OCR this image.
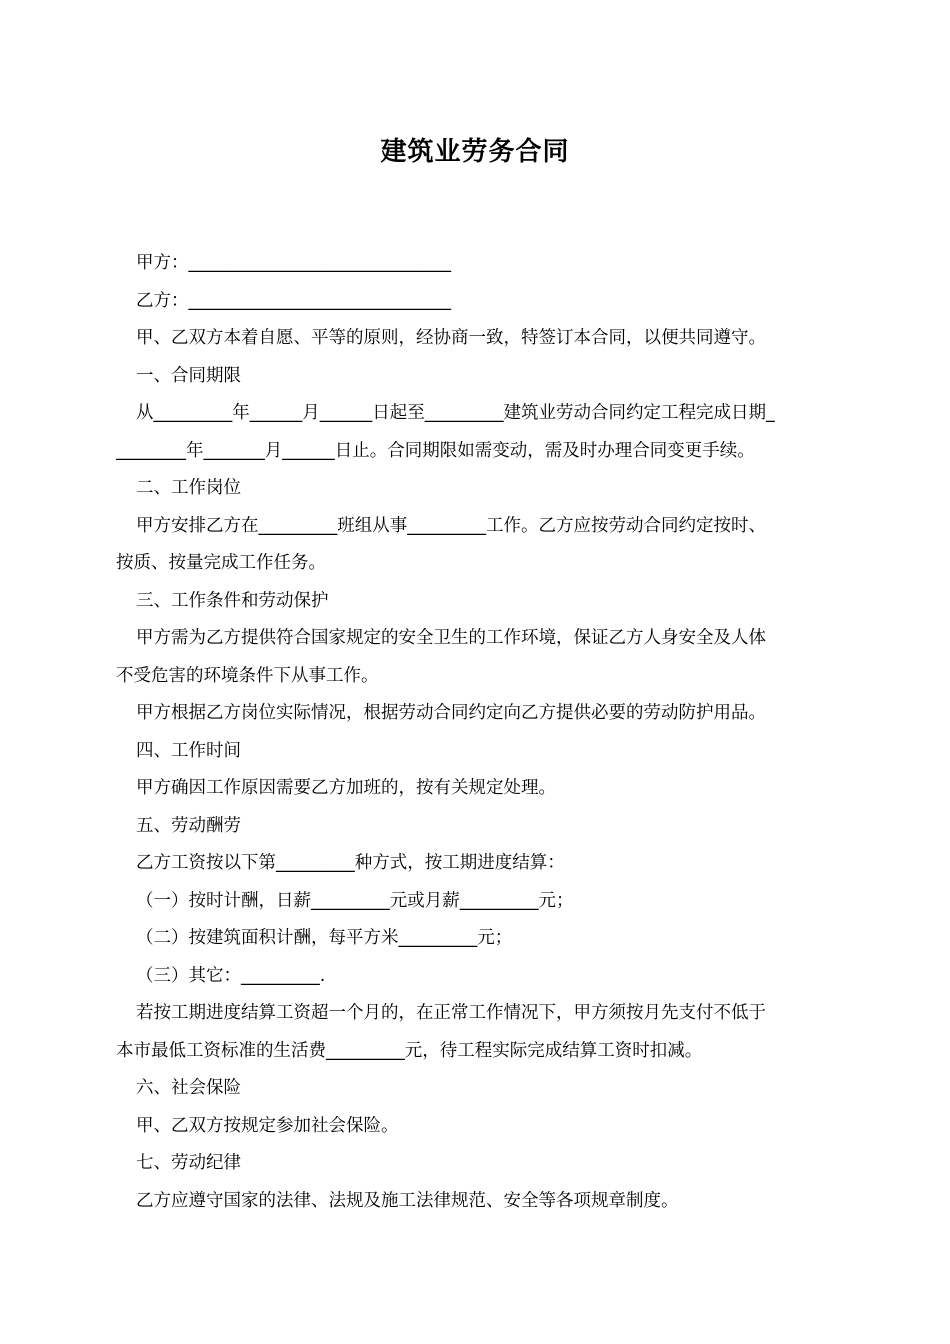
建筑业劳务合同
甲方：______________________________
乙方：______________________________
甲、乙双方本着自愿、平等的原则，经协商一致，特签订本合同，以便共同遵守。
一、合同期限
从_________年______月______日起至_________建筑业劳动合同约定工程完成日期_
________年_______月______日止。合同期限如需变动，需及时办理合同变更手续。
二、工作岗位
甲方安排乙方在_________班组从事_________工作。乙方应按劳动合同约定按时、
按质、按量完成工作任务。
三、工作条件和劳动保护
甲方需为乙方提供符合国家规定的安全卫生的工作环境，保证乙方人身安全及人体
不受危害的环境条件下从事工作。
甲方根据乙方岗位实际情况，根据劳动合同约定向乙方提供必要的劳动防护用品。
四、工作时间
甲方确因工作原因需要乙方加班的，按有关规定处理。
五、劳动酬劳
乙方工资按以下第_________种方式，按工期进度结算：
（一）按时计酬，日薪_________元或月薪_________元；
（二）按建筑面积计酬，每平方米_________元；
（三）其它：_________.
若按工期进度结算工资超一个月的，在正常工作情况下，甲方须按月先支付不低于
本市最低工资标准的生活费_________元，待工程实际完成结算工资时扣减。
六、社会保险
甲、乙双方按规定参加社会保险。
七、劳动纪律
乙方应遵守国家的法律、法规及施工法律规范、安全等各项规章制度。
